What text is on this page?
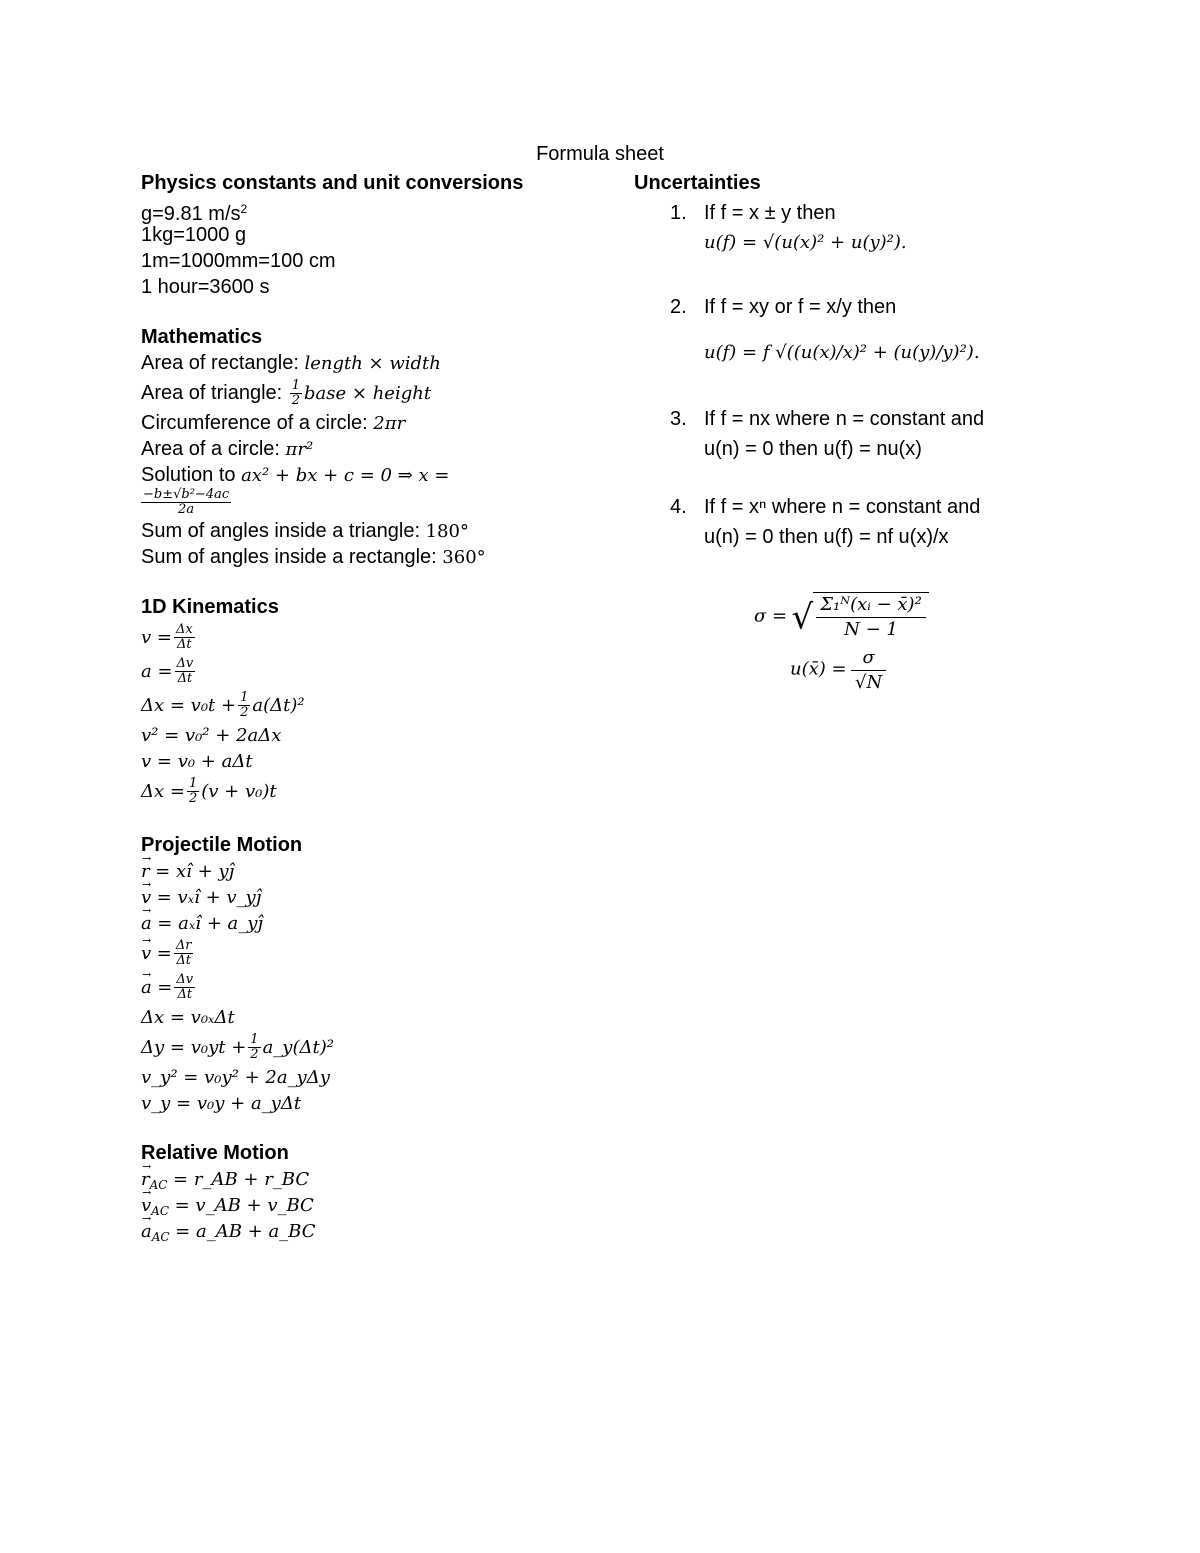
Formula sheet
Physics constants and unit conversions
g=9.81 $m/s^2$
1kg=1000 g
1m=1000mm=100 cm
1 hour=3600 s
Mathematics
Area of rectangle: length × width
Area of triangle: $\frac{1}{2}$ base × height
Circumference of a circle: 2πr
Area of a circle: πr²
Solution to ax² + bx + c = 0 ⇒ x =
$\frac{\text{−b±√b²−4ac}}{2a}$
Sum of angles inside a triangle: 180°
Sum of angles inside a rectangle: 360°
1D Kinematics
$v = \frac{\Delta x}{\Delta t}$
$a = \frac{\Delta v}{\Delta t}$
$\Delta x = v_0t + \frac{1}{2} a(\Delta t)^2$
v² = v₀² + 2aΔx
v = v₀ + aΔt
$\Delta x = \frac{1}{2} (v + v_0)t$
Projectile Motion
→ r = xî + yĵ
→ v = vₓî + v_yĵ
→ a = aₓî + a_yĵ
→ $v = \frac{\Delta r}{\Delta t}$
→ $a = \frac{\Delta v}{\Delta t}$
Δx = v₀ₓΔt
$\Delta y = v_0yt + \frac{1}{2}$ a_y(Δt)²
v_y² = v₀y² + 2a_yΔy
v_y = v₀y + a_yΔt
Relative Motion
→ $r_{AC}$ = r_AB + r_BC
→ $v_{AC}$ = v_AB + v_BC
→ $a_{AC}$ = a_AB + a_BC
Uncertainties
1. If f = x ± y then
u(f) = √(u(x)² + u(y)²).
2. If f = xy or f = x/y then
u(f) = f √((u(x)/x)² + (u(y)/y)²).
3. If f = nx where n = constant and
u(n) = 0 then u(f) = nu(x)
4. If f = xⁿ where n = constant and
u(n) = 0 then u(f) = nf u(x)/x
σ = √ $\frac{\text{Σ₁ᴺ(xᵢ − x̄)²}}{N - 1}$
u(x̄) = $\frac{\sigma}{√N}$
